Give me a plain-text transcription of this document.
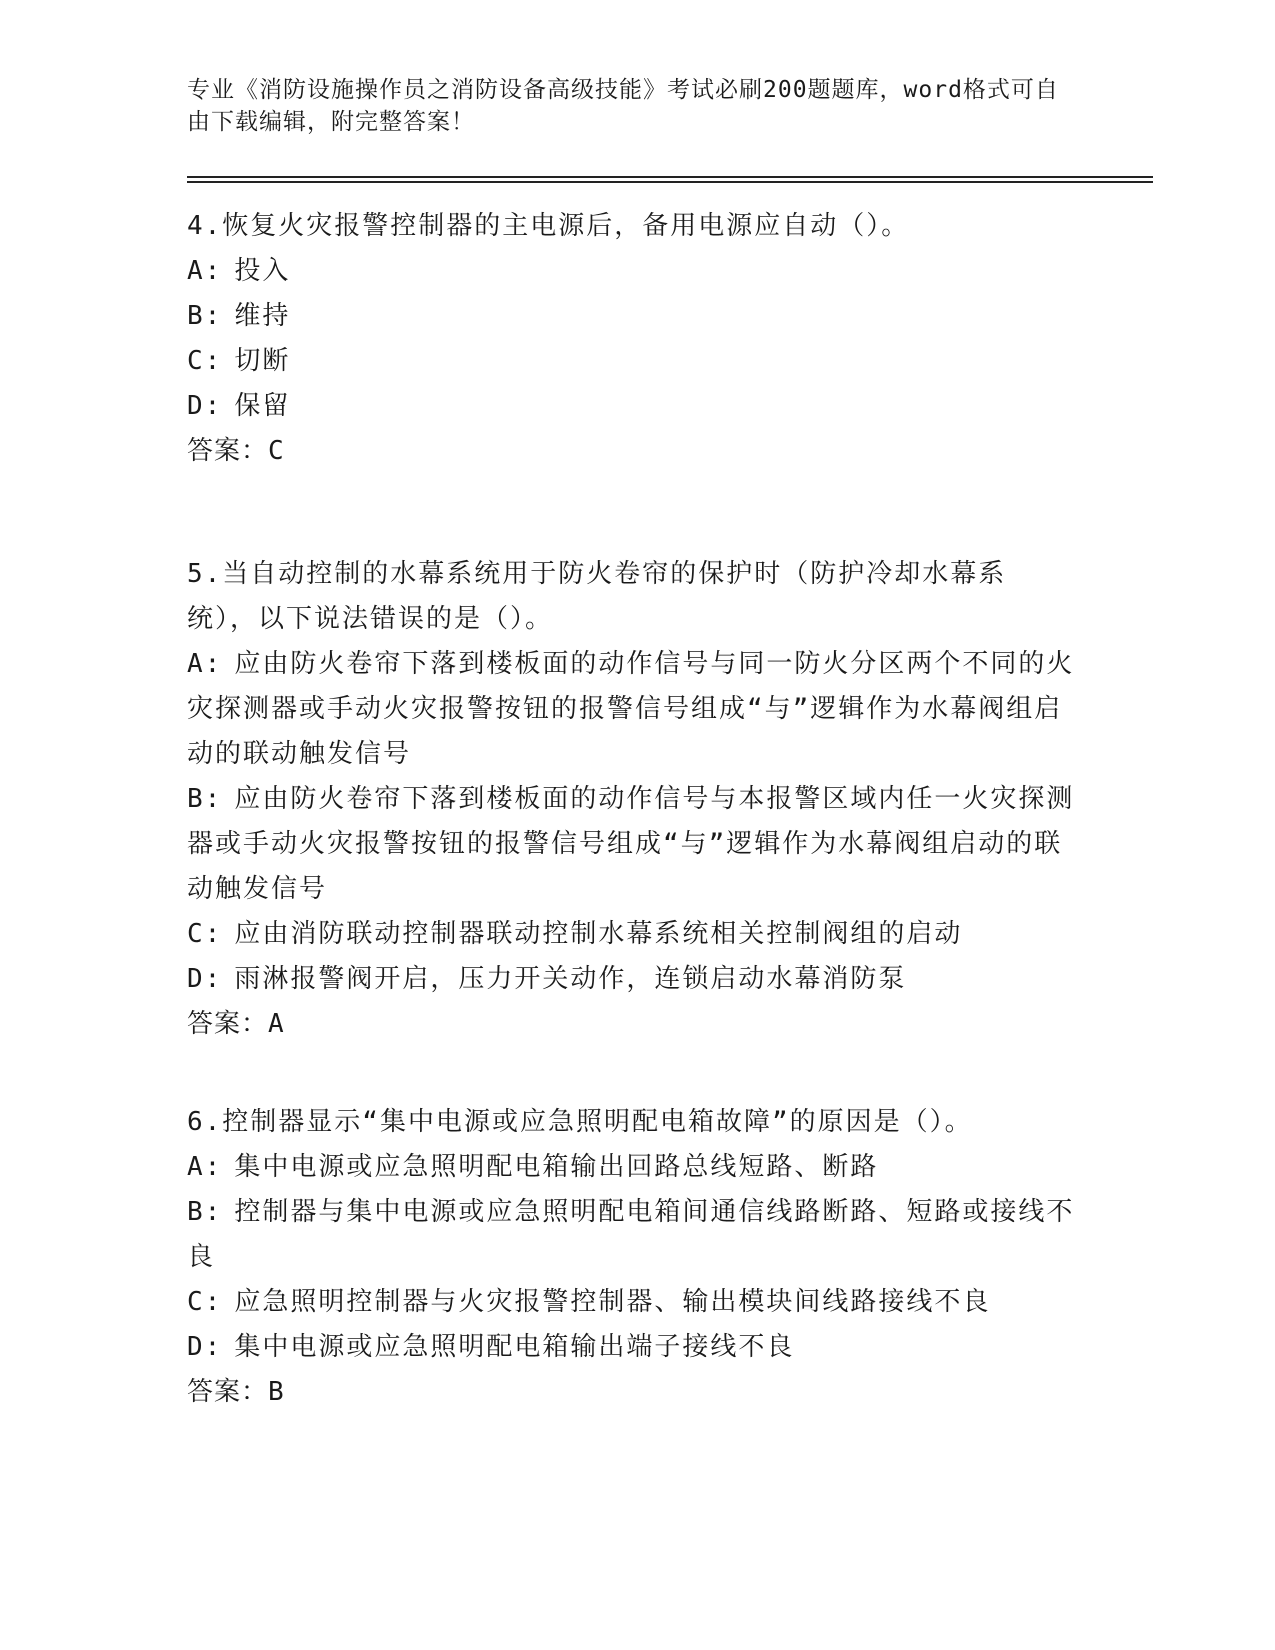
专业《消防设施操作员之消防设备高级技能》考试必刷200题题库，word格式可自由下载编辑，附完整答案！
4.恢复火灾报警控制器的主电源后，备用电源应自动（）。
A: 投入
B: 维持
C: 切断
D: 保留
答案：C
5.当自动控制的水幕系统用于防火卷帘的保护时（防护冷却水幕系统），以下说法错误的是（）。
A: 应由防火卷帘下落到楼板面的动作信号与同一防火分区两个不同的火灾探测器或手动火灾报警按钮的报警信号组成“与”逻辑作为水幕阀组启动的联动触发信号
B: 应由防火卷帘下落到楼板面的动作信号与本报警区域内任一火灾探测器或手动火灾报警按钮的报警信号组成“与”逻辑作为水幕阀组启动的联动触发信号
C: 应由消防联动控制器联动控制水幕系统相关控制阀组的启动
D: 雨淋报警阀开启，压力开关动作，连锁启动水幕消防泵
答案：A
6.控制器显示“集中电源或应急照明配电箱故障”的原因是（）。
A: 集中电源或应急照明配电箱输出回路总线短路、断路
B: 控制器与集中电源或应急照明配电箱间通信线路断路、短路或接线不良
C: 应急照明控制器与火灾报警控制器、输出模块间线路接线不良
D: 集中电源或应急照明配电箱输出端子接线不良
答案：B
